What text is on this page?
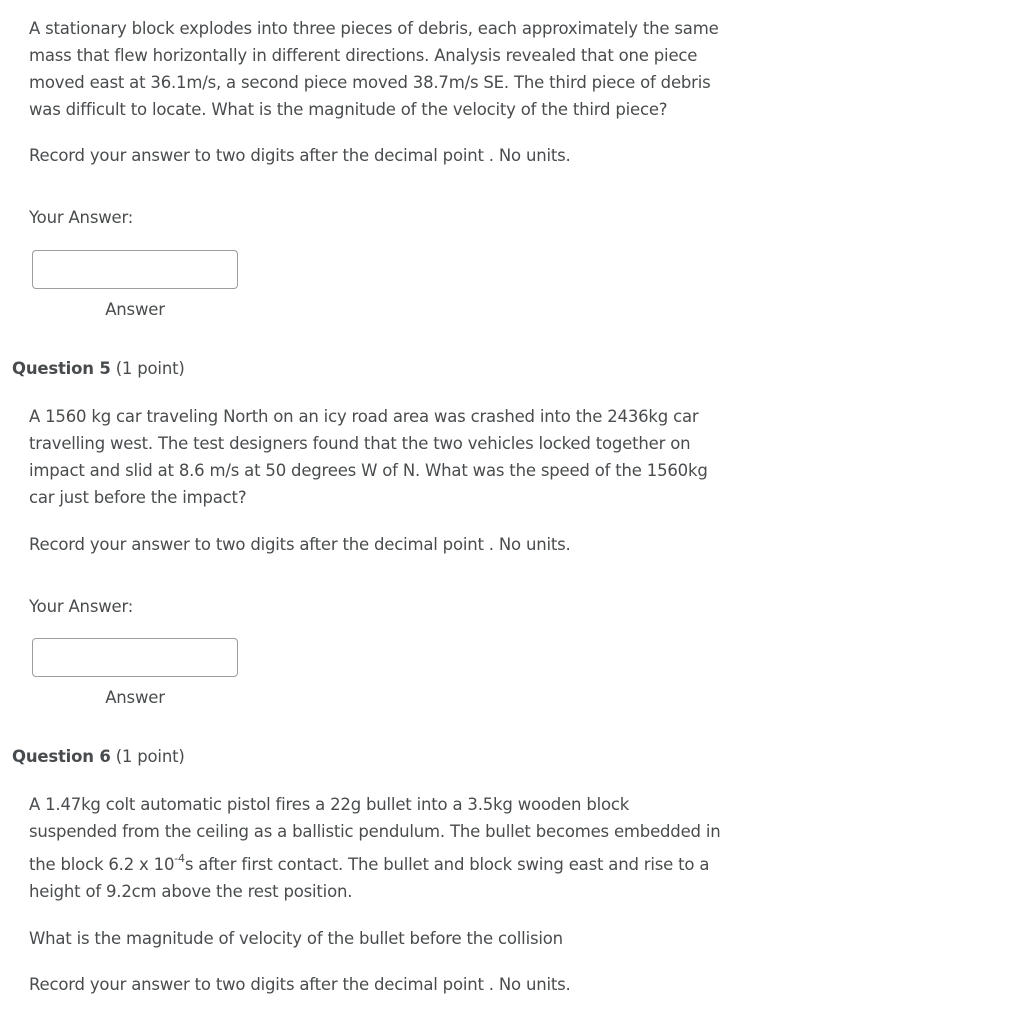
A stationary block explodes into three pieces of debris, each approximately the same
mass that flew horizontally in different directions. Analysis revealed that one piece
moved east at 36.1m/s, a second piece moved 38.7m/s SE. The third piece of debris
was difficult to locate. What is the magnitude of the velocity of the third piece?

Record your answer to two digits after the decimal point . No units.

Your Answer:

Answer

Question 5 (1 point)

A 1560 kg car traveling North on an icy road area was crashed into the 2436kg car
travelling west. The test designers found that the two vehicles locked together on
impact and slid at 8.6 m/s at 50 degrees W of N. What was the speed of the 1560kg
car just before the impact?

Record your answer to two digits after the decimal point . No units.

Your Answer:

Answer

Question 6 (1 point)

A 1.47kg colt automatic pistol fires a 22g bullet into a 3.5kg wooden block
suspended from the ceiling as a ballistic pendulum. The bullet becomes embedded in
the block 6.2 x $10^{-4}s$ after first contact. The bullet and block swing east and rise to a
height of 9.2cm above the rest position.

What is the magnitude of velocity of the bullet before the collision

Record your answer to two digits after the decimal point . No units.
